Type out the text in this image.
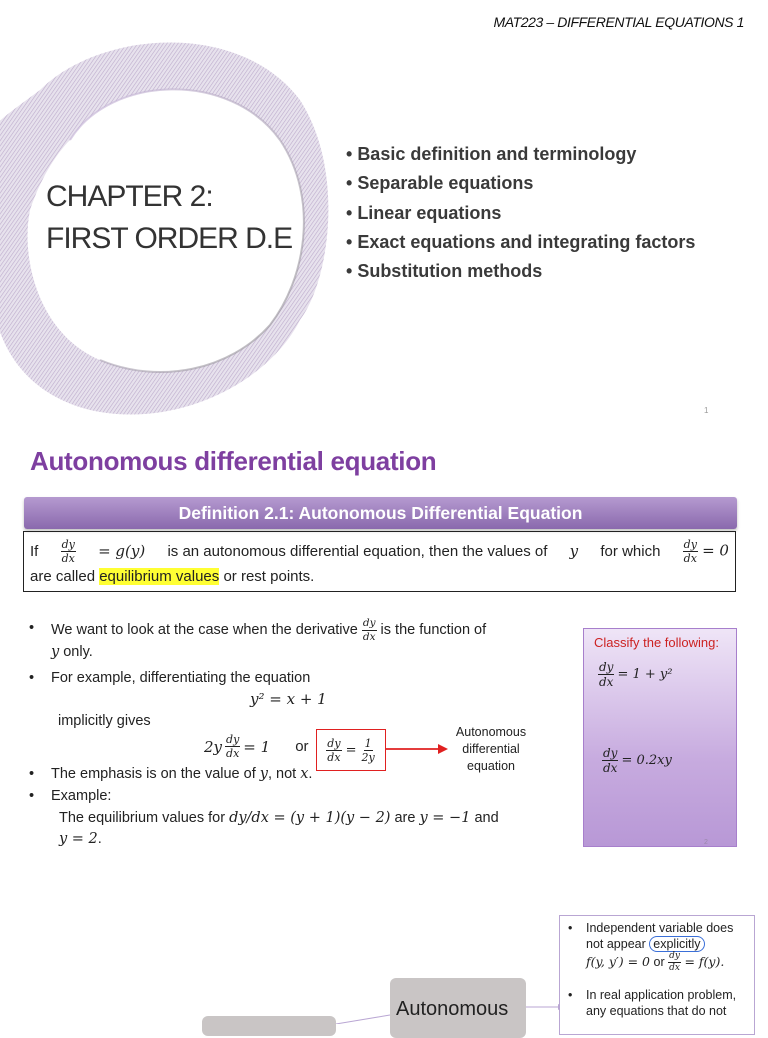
MAT223 – DIFFERENTIAL EQUATIONS 1
CHAPTER 2:
FIRST ORDER D.E
• Basic definition and terminology
• Separable equations
• Linear equations
• Exact equations and integrating factors
• Substitution methods
1
Autonomous differential equation
Definition 2.1: Autonomous Differential Equation
If $\frac{dy}{dx} = g(y)$ is an autonomous differential equation, then the values of y for which $\frac{dy}{dx} = 0$
are called equilibrium values or rest points.
• We want to look at the case when the derivative $\frac{dy}{dx}$ is the function of
y only.
• For example, differentiating the equation
y² = x + 1
implicitly gives
$2y \frac{dy}{dx} = 1$ or $\frac{dy}{dx} = \frac{1}{2y}$
Autonomous differential equation
• The emphasis is on the value of y, not x.
• Example:
The equilibrium values for dy/dx = (y + 1)(y − 2) are y = −1 and
y = 2.
Classify the following:
$\frac{dy}{dx} = 1 + y^2$
$\frac{dy}{dx} = 0.2xy$
2
Autonomous
• Independent variable does not appear explicitly
f(y, y′) = 0 or $\frac{dy}{dx} = f(y)$.
• In real application problem, any equations that do not
